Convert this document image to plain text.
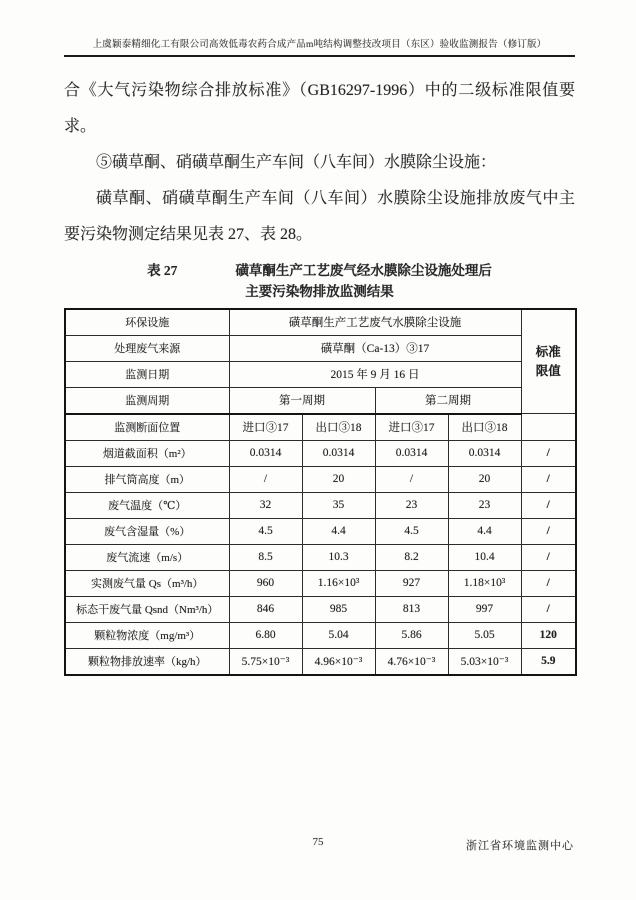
上虞颖泰精细化工有限公司高效低毒农药合成产品m吨结构调整技改项目（东区）验收监测报告（修订版）

合《大气污染物综合排放标准》（GB16297-1996）中的二级标准限值要求。

⑤磺草酮、硝磺草酮生产车间（八车间）水膜除尘设施：

磺草酮、硝磺草酮生产车间（八车间）水膜除尘设施排放废气中主要污染物测定结果见表 27、表 28。

表 27	磺草酮生产工艺废气经水膜除尘设施处理后
主要污染物排放监测结果
环保设施	磺草酮生产工艺废气水膜除尘设施				标准限值

处理废气来源	磺草酮（Ca-13）③17				
监测日期	2015 年 9 月 16 日				
监测周期	第一周期		第二周期		
监测断面位置	进口③17	出口③18	进口③17	出口③18	
烟道截面积（m²）	0.0314	0.0314	0.0314	0.0314	/
排气筒高度（m）	/	20	/	20	/
废气温度（℃）	32	35	23	23	/
废气含湿量（%）	4.5	4.4	4.5	4.4	/
废气流速（m/s）	8.5	10.3	8.2	10.4	/
实测废气量 Qs（m³/h）	960	1.16×10³	927	1.18×10³	/
标态干废气量 Qsnd（Nm³/h）	846	985	813	997	/
颗粒物浓度（mg/m³）	6.80	5.04	5.86	5.05	120
颗粒物排放速率（kg/h）	5.75×10⁻³	4.96×10⁻³	4.76×10⁻³	5.03×10⁻³	5.9
75	浙江省环境监测中心
